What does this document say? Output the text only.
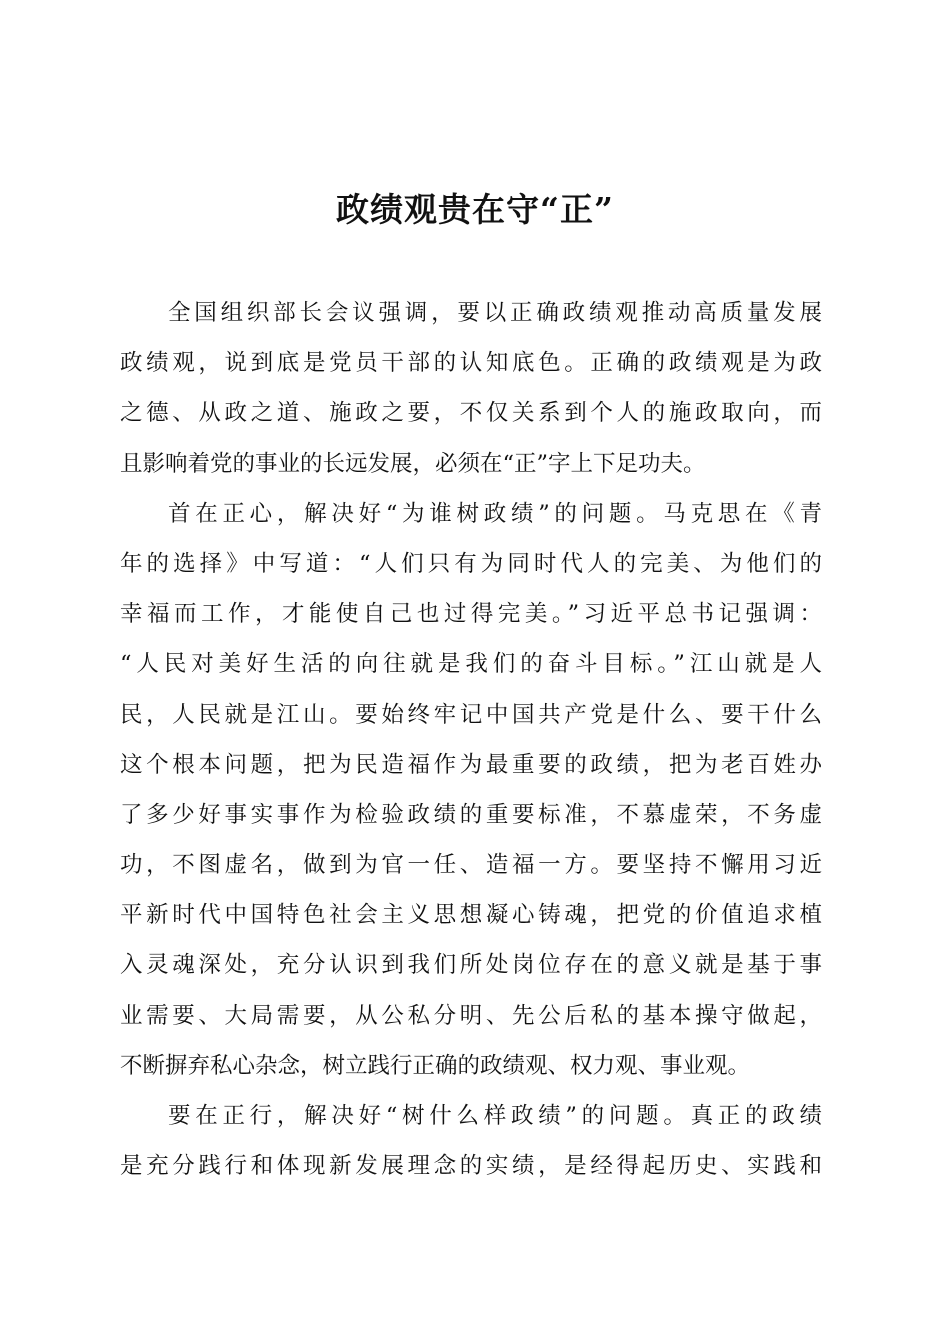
政绩观贵在守“正”
全国组织部长会议强调，要以正确政绩观推动高质量发展
政绩观，说到底是党员干部的认知底色。正确的政绩观是为政
之德、从政之道、施政之要，不仅关系到个人的施政取向，而
且影响着党的事业的长远发展，必须在“正”字上下足功夫。
首在正心，解决好“为谁树政绩”的问题。马克思在《青
年的选择》中写道：“人们只有为同时代人的完美、为他们的
幸福而工作，才能使自己也过得完美。”习近平总书记强调：
“人民对美好生活的向往就是我们的奋斗目标。”江山就是人
民，人民就是江山。要始终牢记中国共产党是什么、要干什么
这个根本问题，把为民造福作为最重要的政绩，把为老百姓办
了多少好事实事作为检验政绩的重要标准，不慕虚荣，不务虚
功，不图虚名，做到为官一任、造福一方。要坚持不懈用习近
平新时代中国特色社会主义思想凝心铸魂，把党的价值追求植
入灵魂深处，充分认识到我们所处岗位存在的意义就是基于事
业需要、大局需要，从公私分明、先公后私的基本操守做起，
不断摒弃私心杂念，树立践行正确的政绩观、权力观、事业观。
要在正行，解决好“树什么样政绩”的问题。真正的政绩
是充分践行和体现新发展理念的实绩，是经得起历史、实践和
